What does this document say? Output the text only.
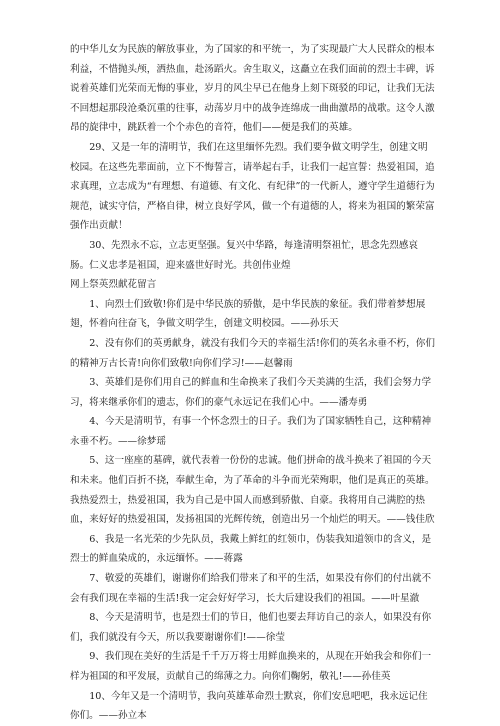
的中华儿女为民族的解放事业，为了国家的和平统一，为了实现最广大人民群众的根本利益，不惜抛头颅，洒热血，赴汤蹈火。舍生取义，这矗立在我们面前的烈士丰碑，诉说着英雄们光荣而无悔的事业，岁月的风尘早已在他身上刻下斑驳的印记，让我们无法不回想起那段沧桑沉重的往事，动荡岁月中的战争连绵成一曲曲激昂的战歌。这令人激昂的旋律中，跳跃着一个个赤色的音符，他们——便是我们的英雄。

29、又是一年的清明节，我们在这里缅怀先烈。我们要争做文明学生，创建文明校园。在这些先辈面前，立下不悔誓言，请举起右手，让我们一起宣誓：热爱祖国，追求真理，立志成为“有理想、有道德、有文化、有纪律”的一代新人，遵守学生道德行为规范，诚实守信，严格自律，树立良好学风，做一个有道德的人，将来为祖国的繁荣富强作出贡献！

30、先烈永不忘，立志更坚强。复兴中华路，每逢清明祭祖忙，思念先烈感哀肠。仁义忠孝是祖国，迎来盛世好时光。共创伟业煌

网上祭英烈献花留言

1、向烈士们致敬!你们是中华民族的骄傲，是中华民族的象征。我们带着梦想展翅，怀着向往奋飞，争做文明学生，创建文明校园。——孙乐天

2、没有你们的英勇献身，就没有我们今天的幸福生活!你们的英名永垂不朽，你们的精神万古长青!向你们致敬!向你们学习!——赵馨雨

3、英雄们是你们用自己的鲜血和生命换来了我们今天美满的生活，我们会努力学习，将来继承你们的遗志，你们的豪气永远记在我们心中。——潘寿勇

4、今天是清明节，有事一个怀念烈士的日子。我们为了国家牺牲自己，这种精神永垂不朽。——徐梦瑶

5、这一座座的墓碑，就代表着一份份的忠诚。他们拼命的战斗换来了祖国的今天和未来。他们百折不挠，奉献生命，为了革命的斗争而光荣殉职，他们是真正的英雄。我热爱烈士，热爱祖国，我为自己是中国人而感到骄傲、自豪。我将用自己满腔的热血，来好好的热爱祖国，发扬祖国的光辉传统，创造出另一个灿烂的明天。——钱佳欣

6、我是一名光荣的少先队员，我戴上鲜红的红领巾，伪装我知道领巾的含义，是烈士的鲜血染成的，永远缅怀。——蒋露

7、敬爱的英雄们，谢谢你们给我们带来了和平的生活，如果没有你们的付出就不会有我们现在幸福的生活!我一定会好好学习，长大后建设我们的祖国。——叶星澈

8、今天是清明节，也是烈士们的节日，他们也要去拜访自己的亲人，如果没有你们，我们就没有今天，所以我要谢谢你们!——徐莹

9、我们现在美好的生活是千千万万将士用鲜血换来的，从现在开始我会和你们一样为祖国的和平发展，贡献自己的绵薄之力。向你们鞠躬，敬礼!——孙佳英

10、今年又是一个清明节，我向英雄革命烈士默哀，你们安息吧吧，我永远记住你们。——孙立本
